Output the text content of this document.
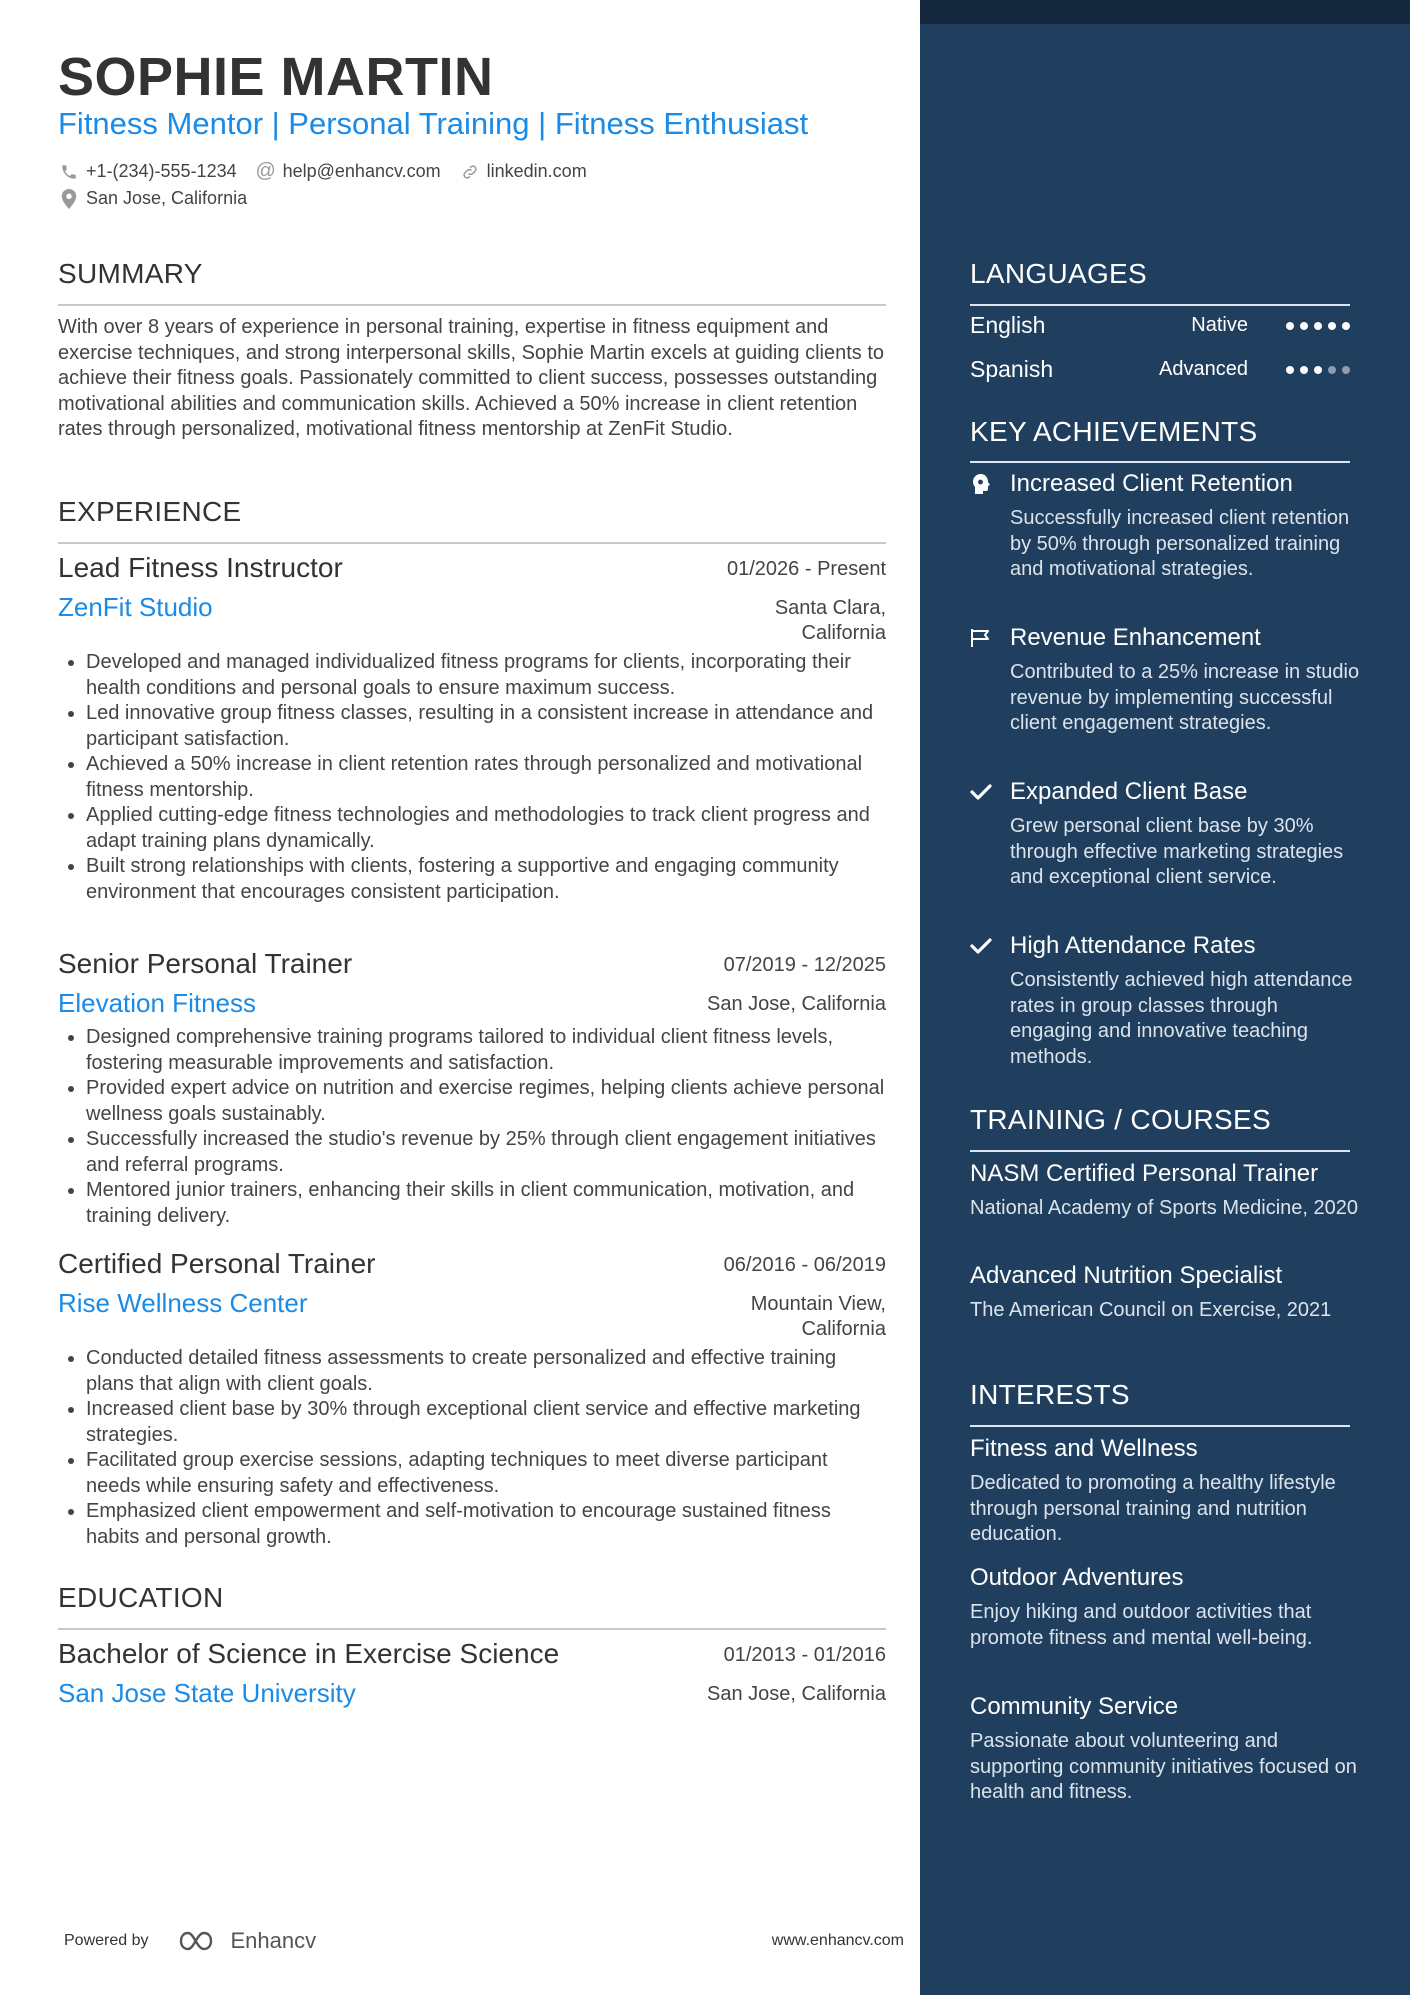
SOPHIE MARTIN
Fitness Mentor | Personal Training | Fitness Enthusiast
+1-(234)-555-1234 @ help@enhancv.com	linkedin.com
San Jose, California
SUMMARY
With over 8 years of experience in personal training, expertise in fitness equipment and exercise techniques, and strong interpersonal skills, Sophie Martin excels at guiding clients to achieve their fitness goals. Passionately committed to client success, possesses outstanding motivational abilities and communication skills. Achieved a 50% increase in client retention rates through personalized, motivational fitness mentorship at ZenFit Studio.
EXPERIENCE
Lead Fitness Instructor	01/2026 - Present
ZenFit Studio	Santa Clara,
California
• Developed and managed individualized fitness programs for clients, incorporating their health conditions and personal goals to ensure maximum success.
• Led innovative group fitness classes, resulting in a consistent increase in attendance and participant satisfaction.
• Achieved a 50% increase in client retention rates through personalized and motivational fitness mentorship.
• Applied cutting-edge fitness technologies and methodologies to track client progress and adapt training plans dynamically.
• Built strong relationships with clients, fostering a supportive and engaging community environment that encourages consistent participation.
Senior Personal Trainer	07/2019 - 12/2025
Elevation Fitness	San Jose, California
• Designed comprehensive training programs tailored to individual client fitness levels, fostering measurable improvements and satisfaction.
• Provided expert advice on nutrition and exercise regimes, helping clients achieve personal wellness goals sustainably.
• Successfully increased the studio's revenue by 25% through client engagement initiatives and referral programs.
• Mentored junior trainers, enhancing their skills in client communication, motivation, and training delivery.
Certified Personal Trainer	06/2016 - 06/2019
Rise Wellness Center	Mountain View,
California
• Conducted detailed fitness assessments to create personalized and effective training plans that align with client goals.
• Increased client base by 30% through exceptional client service and effective marketing strategies.
• Facilitated group exercise sessions, adapting techniques to meet diverse participant needs while ensuring safety and effectiveness.
• Emphasized client empowerment and self-motivation to encourage sustained fitness habits and personal growth.
EDUCATION
Bachelor of Science in Exercise Science	01/2013 - 01/2016
San Jose State University	San Jose, California
Powered by	Enhancv	www.enhancv.com
LANGUAGES
English	Native
Spanish	Advanced
KEY ACHIEVEMENTS
Increased Client Retention
Successfully increased client retention by 50% through personalized training and motivational strategies.
Revenue Enhancement
Contributed to a 25% increase in studio revenue by implementing successful client engagement strategies.
Expanded Client Base
Grew personal client base by 30% through effective marketing strategies and exceptional client service.
High Attendance Rates
Consistently achieved high attendance rates in group classes through engaging and innovative teaching methods.
TRAINING / COURSES
NASM Certified Personal Trainer
National Academy of Sports Medicine, 2020
Advanced Nutrition Specialist
The American Council on Exercise, 2021
INTERESTS
Fitness and Wellness
Dedicated to promoting a healthy lifestyle through personal training and nutrition education.
Outdoor Adventures
Enjoy hiking and outdoor activities that promote fitness and mental well-being.
Community Service
Passionate about volunteering and supporting community initiatives focused on health and fitness.
